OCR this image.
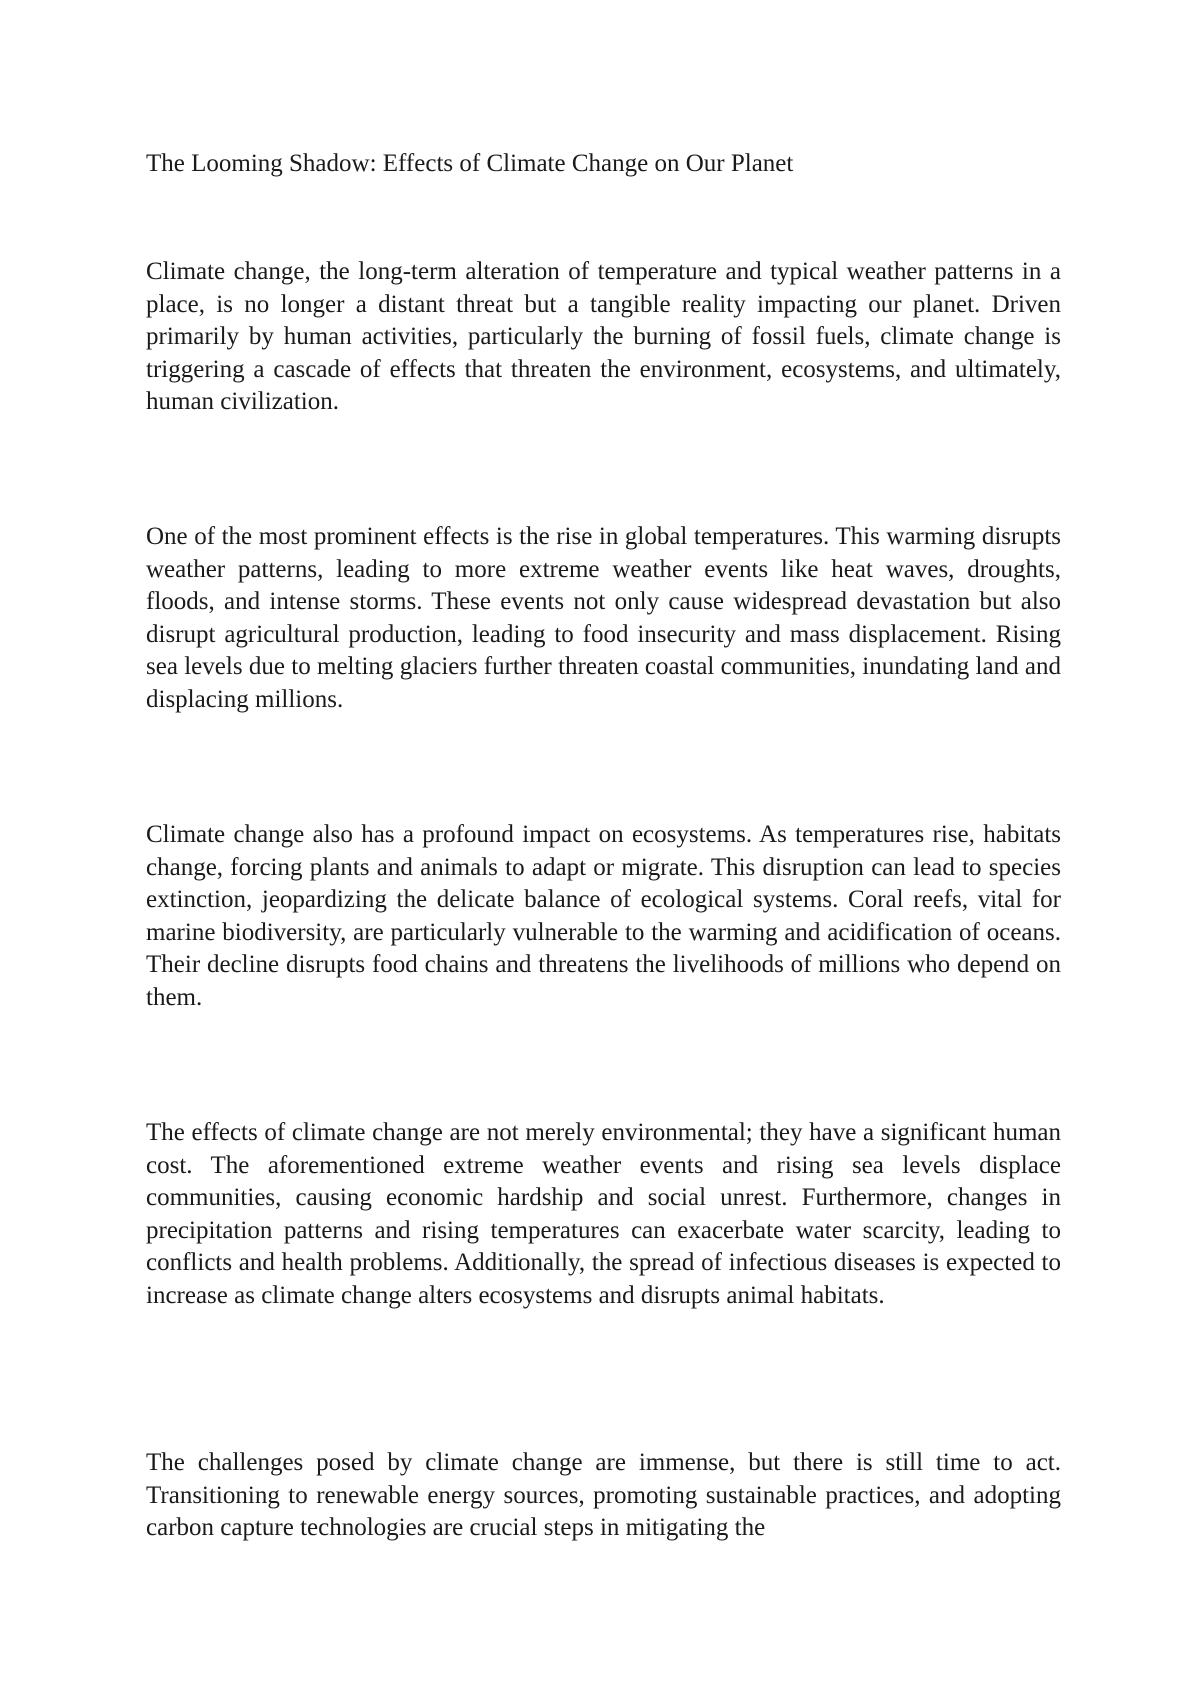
The Looming Shadow: Effects of Climate Change on Our Planet

Climate change, the long-term alteration of temperature and typical weather patterns in a place, is no longer a distant threat but a tangible reality impacting our planet. Driven primarily by human activities, particularly the burning of fossil fuels, climate change is triggering a cascade of effects that threaten the environment, ecosystems, and ultimately, human civilization.

One of the most prominent effects is the rise in global temperatures. This warming disrupts weather patterns, leading to more extreme weather events like heat waves, droughts, floods, and intense storms. These events not only cause widespread devastation but also disrupt agricultural production, leading to food insecurity and mass displacement. Rising sea levels due to melting glaciers further threaten coastal communities, inundating land and displacing millions.

Climate change also has a profound impact on ecosystems. As temperatures rise, habitats change, forcing plants and animals to adapt or migrate. This disruption can lead to species extinction, jeopardizing the delicate balance of ecological systems. Coral reefs, vital for marine biodiversity, are particularly vulnerable to the warming and acidification of oceans. Their decline disrupts food chains and threatens the livelihoods of millions who depend on them.

The effects of climate change are not merely environmental; they have a significant human cost. The aforementioned extreme weather events and rising sea levels displace communities, causing economic hardship and social unrest. Furthermore, changes in precipitation patterns and rising temperatures can exacerbate water scarcity, leading to conflicts and health problems. Additionally, the spread of infectious diseases is expected to increase as climate change alters ecosystems and disrupts animal habitats.

The challenges posed by climate change are immense, but there is still time to act. Transitioning to renewable energy sources, promoting sustainable practices, and adopting carbon capture technologies are crucial steps in mitigating the
